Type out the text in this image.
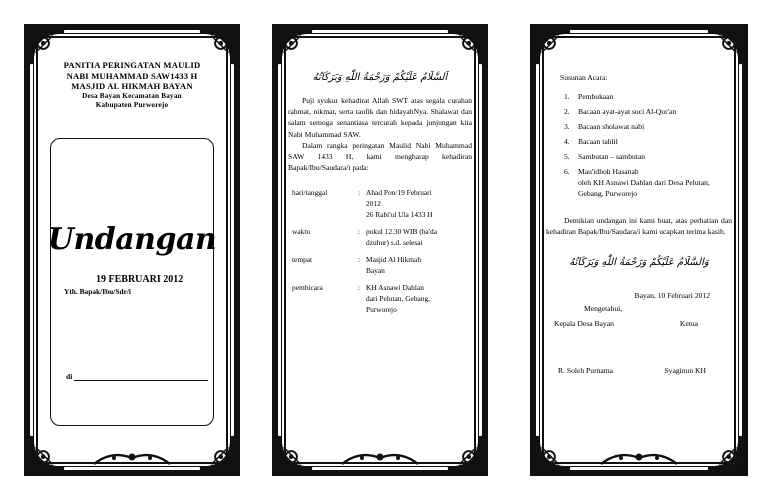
PANITIA PERINGATAN MAULID
NABI MUHAMMAD SAW1433 H
MASJID AL HIKMAH BAYAN
Desa Bayan Kecamatan Bayan
Kabupaten Purworejo
Undangan
19 FEBRUARI 2012
Yth. Bapak/Ibu/Sdr/i
di
اَلسَّلَامُ عَلَيْكُمْ وَرَحْمَةُ اللّٰهِ وَبَرَكَاتُهُ

Puji syukur kehadirat Allah SWT atas segala curahan rahmat, nikmat, serta taufik dan hidayahNya. Shalawat dan salam semoga senantiasa tercurah kepada junjungan kita Nabi Muhammad SAW.

Dalam rangka peringatan Maulid Nabi Muhammad SAW 1433 H, kami mengharap kehadiran Bapak/Ibu/Saudara/i pada:

hari/tanggal	: Ahad Pon/19 Februari
2012
26 Rabi'ul Ula 1433 H
waktu	: pukul 12.30 WIB (ba'da
dzuhur) s.d. selesai
tempat	: Masjid Al Hikmah
Bayan
pembicara	: KH Asnawi Dahlan
dari Pelutan, Gebang,
Purworejo
Susunan Acara:
1.	Pembukaan
2.	Bacaan ayat-ayat suci Al-Qur'an
3.	Bacaan sholawat nabi
4.	Bacaan tahlil
5.	Sambutan – sambutan
6.	Mau'idhoh Hasanah
oleh KH Asnawi Dahlan dari Desa Pelutan, Gebang, Purworejo
Demikian undangan ini kami buat, atas perhatian dan kehadiran Bapak/Ibu/Saudara/i kami ucapkan terima kasih.
وَالسَّلَامُ عَلَيْكُمْ وَرَحْمَةُ اللّٰهِ وَبَرَكَاتُهُ
Bayan, 10 Februari 2012
Mengetahui,
Kepala Desa Bayan	Ketua
R. Soleh Purnama	Syaginun KH
